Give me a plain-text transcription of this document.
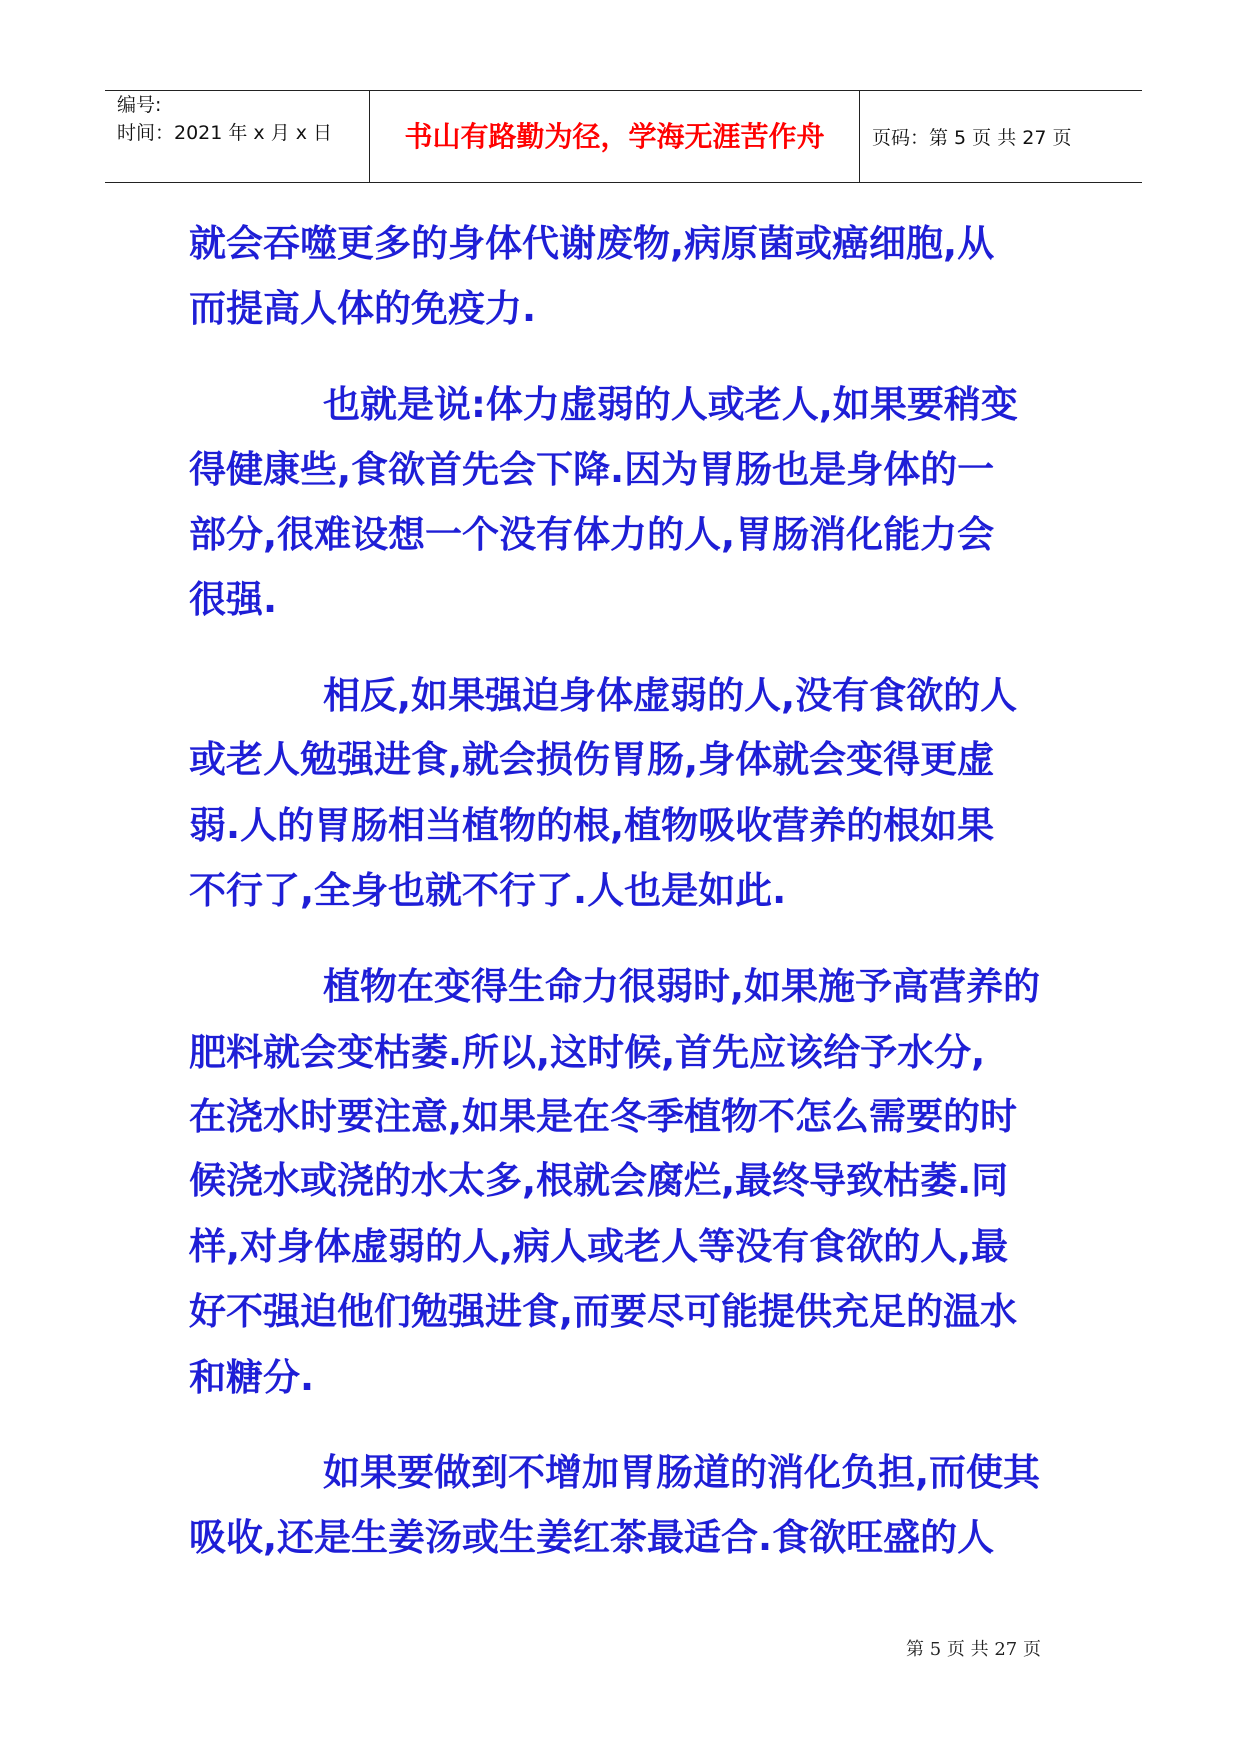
编号:
时间：2021 年 x 月 x 日	书山有路勤为径，学海无涯苦作舟	页码：第 5 页 共 27 页
就会吞噬更多的身体代谢废物,病原菌或癌细胞,从
而提高人体的免疫力.
也就是说:体力虚弱的人或老人,如果要稍变
得健康些,食欲首先会下降.因为胃肠也是身体的一
部分,很难设想一个没有体力的人,胃肠消化能力会
很强.
相反,如果强迫身体虚弱的人,没有食欲的人
或老人勉强进食,就会损伤胃肠,身体就会变得更虚
弱.人的胃肠相当植物的根,植物吸收营养的根如果
不行了,全身也就不行了.人也是如此.
植物在变得生命力很弱时,如果施予高营养的
肥料就会变枯萎.所以,这时候,首先应该给予水分,
在浇水时要注意,如果是在冬季植物不怎么需要的时
候浇水或浇的水太多,根就会腐烂,最终导致枯萎.同
样,对身体虚弱的人,病人或老人等没有食欲的人,最
好不强迫他们勉强进食,而要尽可能提供充足的温水
和糖分.
如果要做到不增加胃肠道的消化负担,而使其
吸收,还是生姜汤或生姜红茶最适合.食欲旺盛的人
第 5 页 共 27 页
